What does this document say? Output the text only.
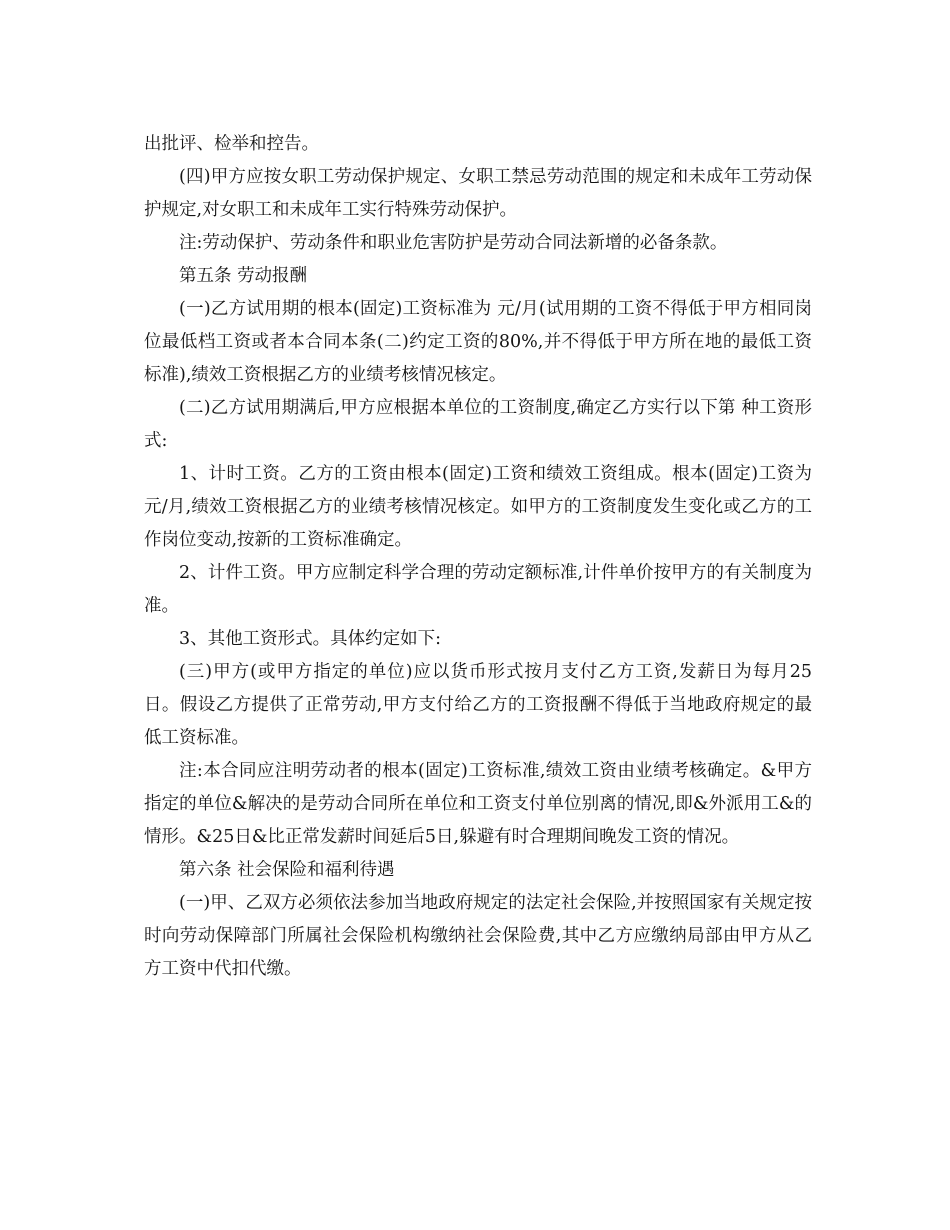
出批评、检举和控告。

(四)甲方应按女职工劳动保护规定、女职工禁忌劳动范围的规定和未成年工劳动保护规定,对女职工和未成年工实行特殊劳动保护。

注:劳动保护、劳动条件和职业危害防护是劳动合同法新增的必备条款。

第五条 劳动报酬

(一)乙方试用期的根本(固定)工资标准为 元/月(试用期的工资不得低于甲方相同岗位最低档工资或者本合同本条(二)约定工资的80%,并不得低于甲方所在地的最低工资标准),绩效工资根据乙方的业绩考核情况核定。

(二)乙方试用期满后,甲方应根据本单位的工资制度,确定乙方实行以下第 种工资形式:

1、计时工资。乙方的工资由根本(固定)工资和绩效工资组成。根本(固定)工资为 元/月,绩效工资根据乙方的业绩考核情况核定。如甲方的工资制度发生变化或乙方的工作岗位变动,按新的工资标准确定。

2、计件工资。甲方应制定科学合理的劳动定额标准,计件单价按甲方的有关制度为准。

3、其他工资形式。具体约定如下:

(三)甲方(或甲方指定的单位)应以货币形式按月支付乙方工资,发薪日为每月25 日。假设乙方提供了正常劳动,甲方支付给乙方的工资报酬不得低于当地政府规定的最低工资标准。

注:本合同应注明劳动者的根本(固定)工资标准,绩效工资由业绩考核确定。&甲方指定的单位&解决的是劳动合同所在单位和工资支付单位别离的情况,即&外派用工&的情形。&25日&比正常发薪时间延后5日,躲避有时合理期间晚发工资的情况。

第六条 社会保险和福利待遇

(一)甲、乙双方必须依法参加当地政府规定的法定社会保险,并按照国家有关规定按时向劳动保障部门所属社会保险机构缴纳社会保险费,其中乙方应缴纳局部由甲方从乙方工资中代扣代缴。
